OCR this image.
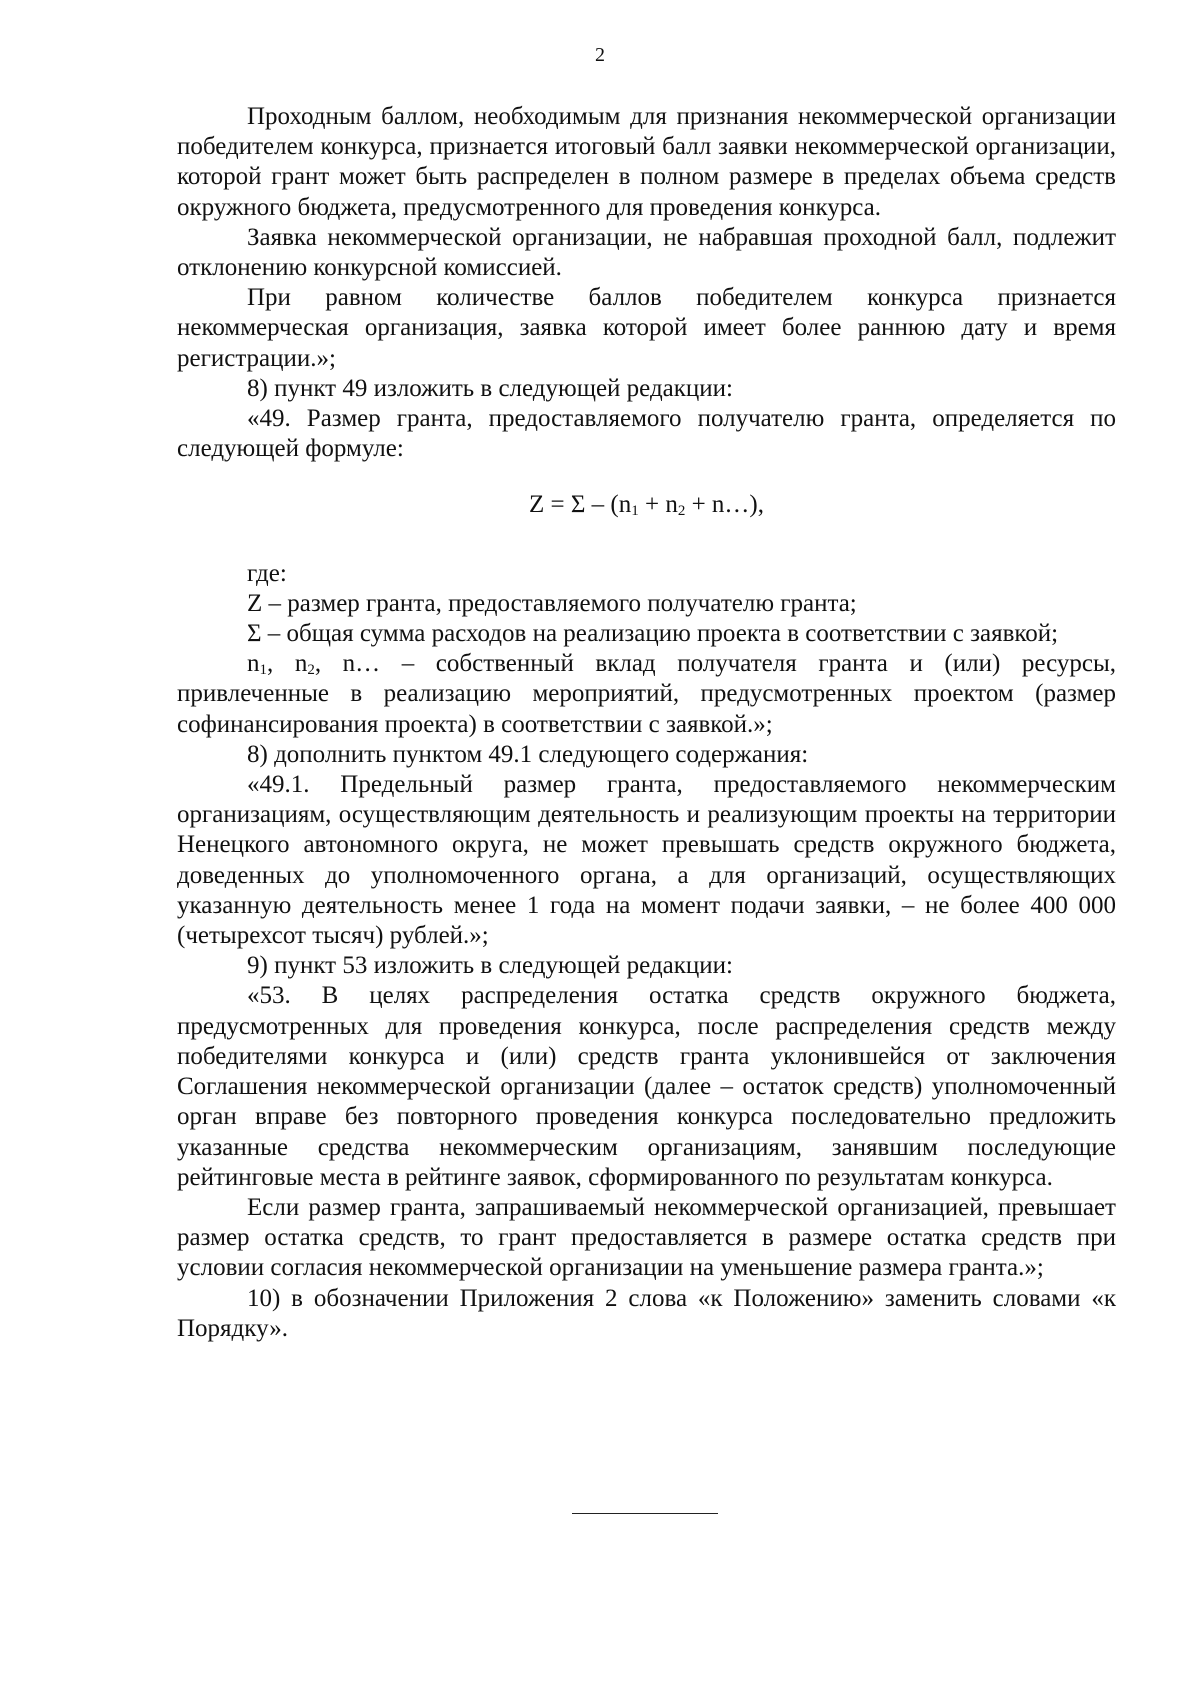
2

Проходным баллом, необходимым для признания некоммерческой организации победителем конкурса, признается итоговый балл заявки некоммерческой организации, которой грант может быть распределен в полном размере в пределах объема средств окружного бюджета, предусмотренного для проведения конкурса.

Заявка некоммерческой организации, не набравшая проходной балл, подлежит отклонению конкурсной комиссией.

При равном количестве баллов победителем конкурса признается некоммерческая организация, заявка которой имеет более раннюю дату и время регистрации.»;

8) пункт 49 изложить в следующей редакции:

«49. Размер гранта, предоставляемого получателю гранта, определяется по следующей формуле:

$Z = \Sigma - (n_1 + n_2$ + n…),

где:

Z – размер гранта, предоставляемого получателю гранта;

Σ – общая сумма расходов на реализацию проекта в соответствии с заявкой;

$n_1$, $n_2$, n… – собственный вклад получателя гранта и (или) ресурсы, привлеченные в реализацию мероприятий, предусмотренных проектом (размер софинансирования проекта) в соответствии с заявкой.»;

8) дополнить пунктом 49.1 следующего содержания:

«49.1. Предельный размер гранта, предоставляемого некоммерческим организациям, осуществляющим деятельность и реализующим проекты на территории Ненецкого автономного округа, не может превышать средств окружного бюджета, доведенных до уполномоченного органа, а для организаций, осуществляющих указанную деятельность менее 1 года на момент подачи заявки, – не более 400 000 (четырехсот тысяч) рублей.»;

9) пункт 53 изложить в следующей редакции:

«53. В целях распределения остатка средств окружного бюджета, предусмотренных для проведения конкурса, после распределения средств между победителями конкурса и (или) средств гранта уклонившейся от заключения Соглашения некоммерческой организации (далее – остаток средств) уполномоченный орган вправе без повторного проведения конкурса последовательно предложить указанные средства некоммерческим организациям, занявшим последующие рейтинговые места в рейтинге заявок, сформированного по результатам конкурса.

Если размер гранта, запрашиваемый некоммерческой организацией, превышает размер остатка средств, то грант предоставляется в размере остатка средств при условии согласия некоммерческой организации на уменьшение размера гранта.»;

10) в обозначении Приложения 2 слова «к Положению» заменить словами «к Порядку».
